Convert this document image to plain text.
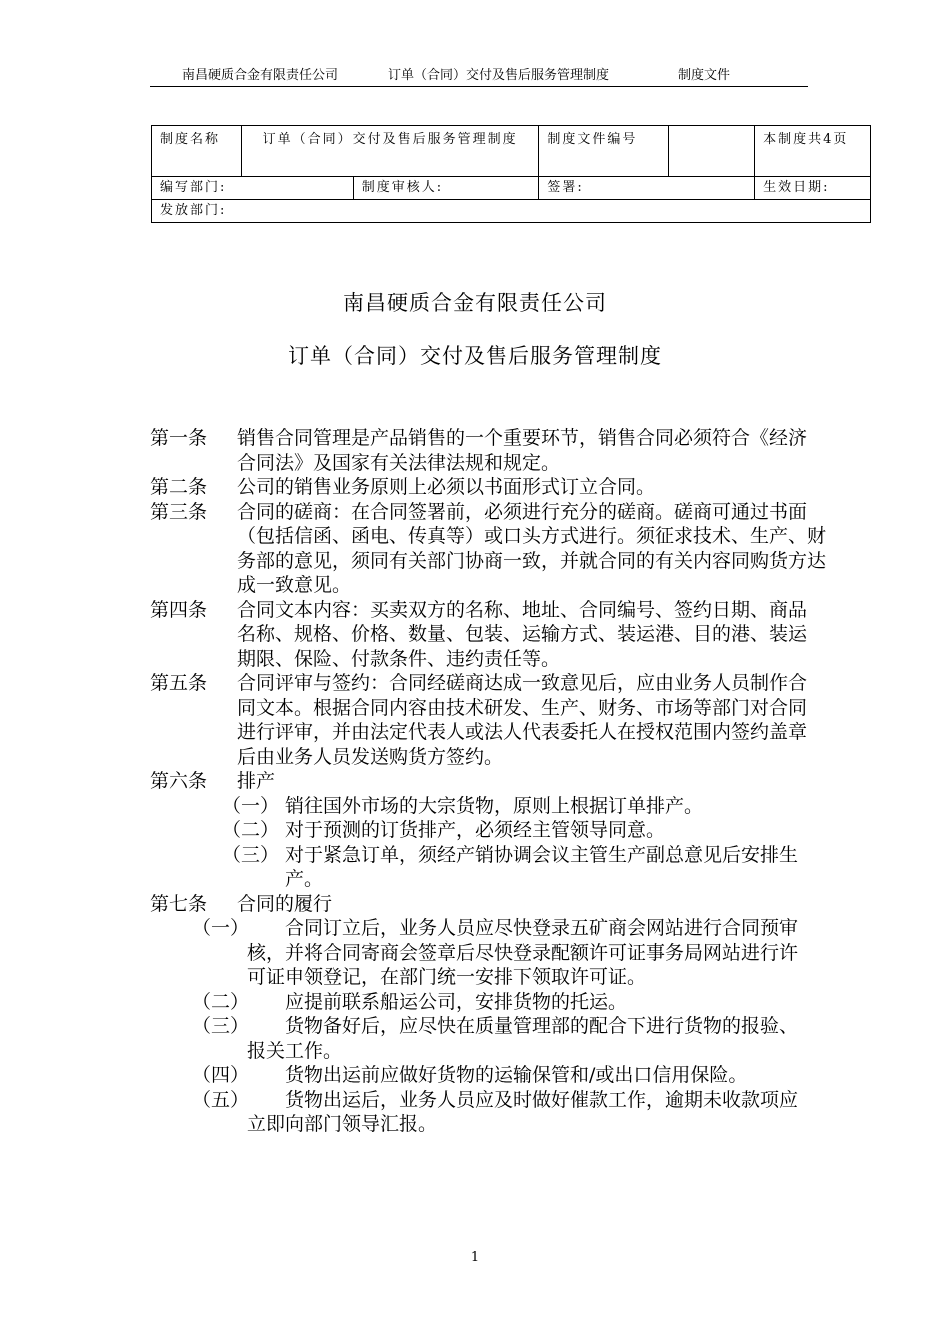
南昌硬质合金有限责任公司	订单（合同）交付及售后服务管理制度	制度文件
制度名称	订单（合同）交付及售后服务管理制度		制度文件编号		本制度共4页
编写部门:		制度审核人:	签署:		生效日期:
发放部门:					
南昌硬质合金有限责任公司
订单（合同）交付及售后服务管理制度
第一条 销售合同管理是产品销售的一个重要环节，销售合同必须符合《经济合同法》及国家有关法律法规和规定。
第二条 公司的销售业务原则上必须以书面形式订立合同。
第三条 合同的磋商：在合同签署前，必须进行充分的磋商。磋商可通过书面（包括信函、函电、传真等）或口头方式进行。须征求技术、生产、财务部的意见，须同有关部门协商一致，并就合同的有关内容同购货方达成一致意见。
第四条 合同文本内容：买卖双方的名称、地址、合同编号、签约日期、商品名称、规格、价格、数量、包装、运输方式、装运港、目的港、装运期限、保险、付款条件、违约责任等。
第五条 合同评审与签约：合同经磋商达成一致意见后，应由业务人员制作合同文本。根据合同内容由技术研发、生产、财务、市场等部门对合同进行评审，并由法定代表人或法人代表委托人在授权范围内签约盖章后由业务人员发送购货方签约。
第六条 排产
（一） 销往国外市场的大宗货物，原则上根据订单排产。
（二） 对于预测的订货排产，必须经主管领导同意。
（三） 对于紧急订单，须经产销协调会议主管生产副总意见后安排生产。
第七条 合同的履行
（一）	合同订立后，业务人员应尽快登录五矿商会网站进行合同预审核，并将合同寄商会签章后尽快登录配额许可证事务局网站进行许可证申领登记，在部门统一安排下领取许可证。
（二）	应提前联系船运公司，安排货物的托运。
（三）	货物备好后，应尽快在质量管理部的配合下进行货物的报验、报关工作。
（四）	货物出运前应做好货物的运输保管和/或出口信用保险。
（五）	货物出运后，业务人员应及时做好催款工作，逾期未收款项应立即向部门领导汇报。
1
